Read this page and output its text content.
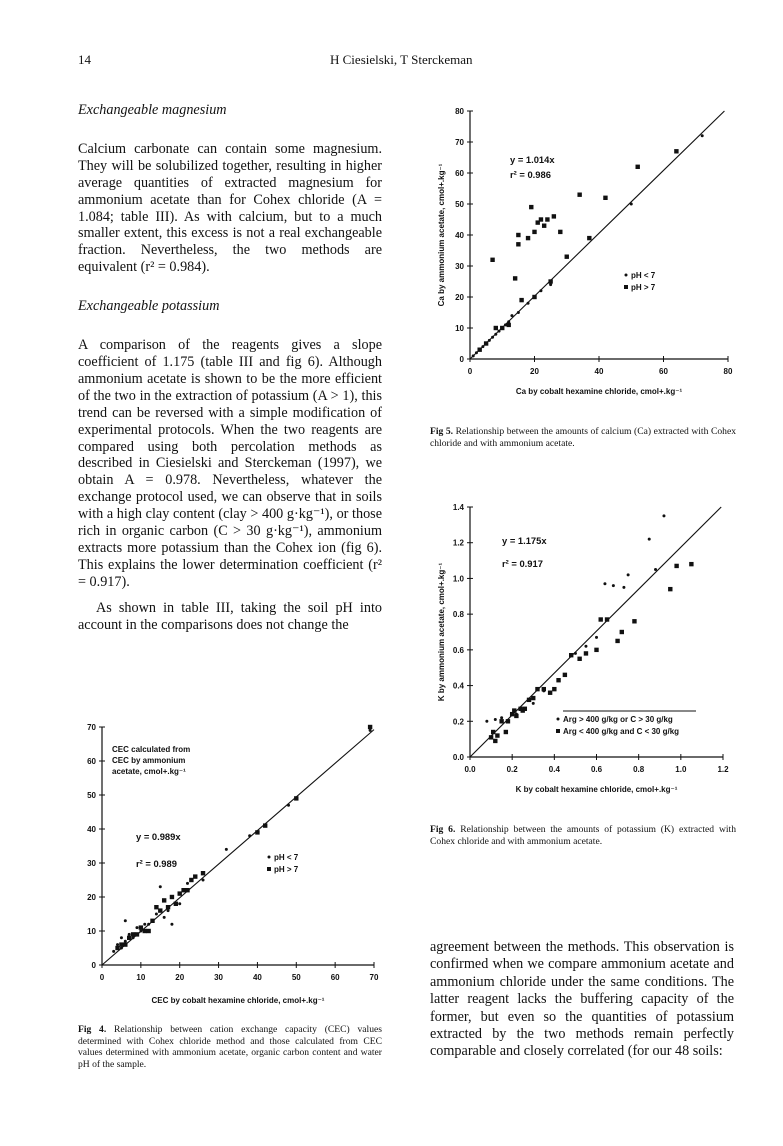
14	H Ciesielski, T Sterckeman
Exchangeable magnesium

Calcium carbonate can contain some magnesium. They will be solubilized together, resulting in higher average quantities of extracted magnesium for ammonium acetate than for Cohex chloride (A = 1.084; table III). As with calcium, but to a much smaller extent, this excess is not a real exchangeable fraction. Nevertheless, the two methods are equivalent (r² = 0.984).

Exchangeable potassium

A comparison of the reagents gives a slope coefficient of 1.175 (table III and fig 6). Although ammonium acetate is shown to be the more efficient of the two in the extraction of potassium (A > 1), this trend can be reversed with a simple modification of experimental protocols. When the two reagents are compared using both percolation methods as described in Ciesielski and Sterckeman (1997), we obtain A = 0.978. Nevertheless, whatever the exchange protocol used, we can observe that in soils with a high clay content (clay > 400 g·kg⁻¹), or those rich in organic carbon (C > 30 g·kg⁻¹), ammonium extracts more potassium than the Cohex ion (fig 6). This explains the lower determination coefficient (r² = 0.917).

As shown in table III, taking the soil pH into account in the comparisons does not change the

agreement between the methods. This observation is confirmed when we compare ammonium acetate and ammonium chloride under the same conditions. The latter reagent lacks the buffering capacity of the former, but even so the quantities of potassium extracted by the two methods remain perfectly comparable and closely correlated (for our 48 soils:

0	10	20	30	40	50	60	70
0
10
20
30
40
50
60
70
y = 0.989x
r² = 0.989
pH < 7
pH > 7
CEC by cobalt hexamine chloride, cmol+.kg⁻¹
CEC calculated from
CEC by ammonium
acetate, cmol+.kg⁻¹
Fig 4. Relationship between cation exchange capacity (CEC) values determined with Cohex chloride method and those calculated from CEC values determined with ammonium acetate, organic carbon content and water pH of the sample.
0	20	40	60	80
0
10
20
30
40
50
60
70
80
y = 1.014x
r² = 0.986
pH < 7
pH > 7
Ca by cobalt hexamine chloride, cmol+.kg⁻¹
Ca by ammonium acetate, cmol+.kg⁻¹
Fig 5. Relationship between the amounts of calcium (Ca) extracted with Cohex chloride and with ammonium acetate.
0.0	0.2	0.4	0.6	0.8	1.0	1.2
0.0
0.2
0.4
0.6
0.8
1.0
1.2
1.4
y = 1.175x
r² = 0.917
Arg > 400 g/kg or C > 30 g/kg
Arg < 400 g/kg and C < 30 g/kg
K by cobalt hexamine chloride, cmol+.kg⁻¹
K by ammonium acetate, cmol+.kg⁻¹
Fig 6. Relationship between the amounts of potassium (K) extracted with Cohex chloride and with ammonium acetate.
